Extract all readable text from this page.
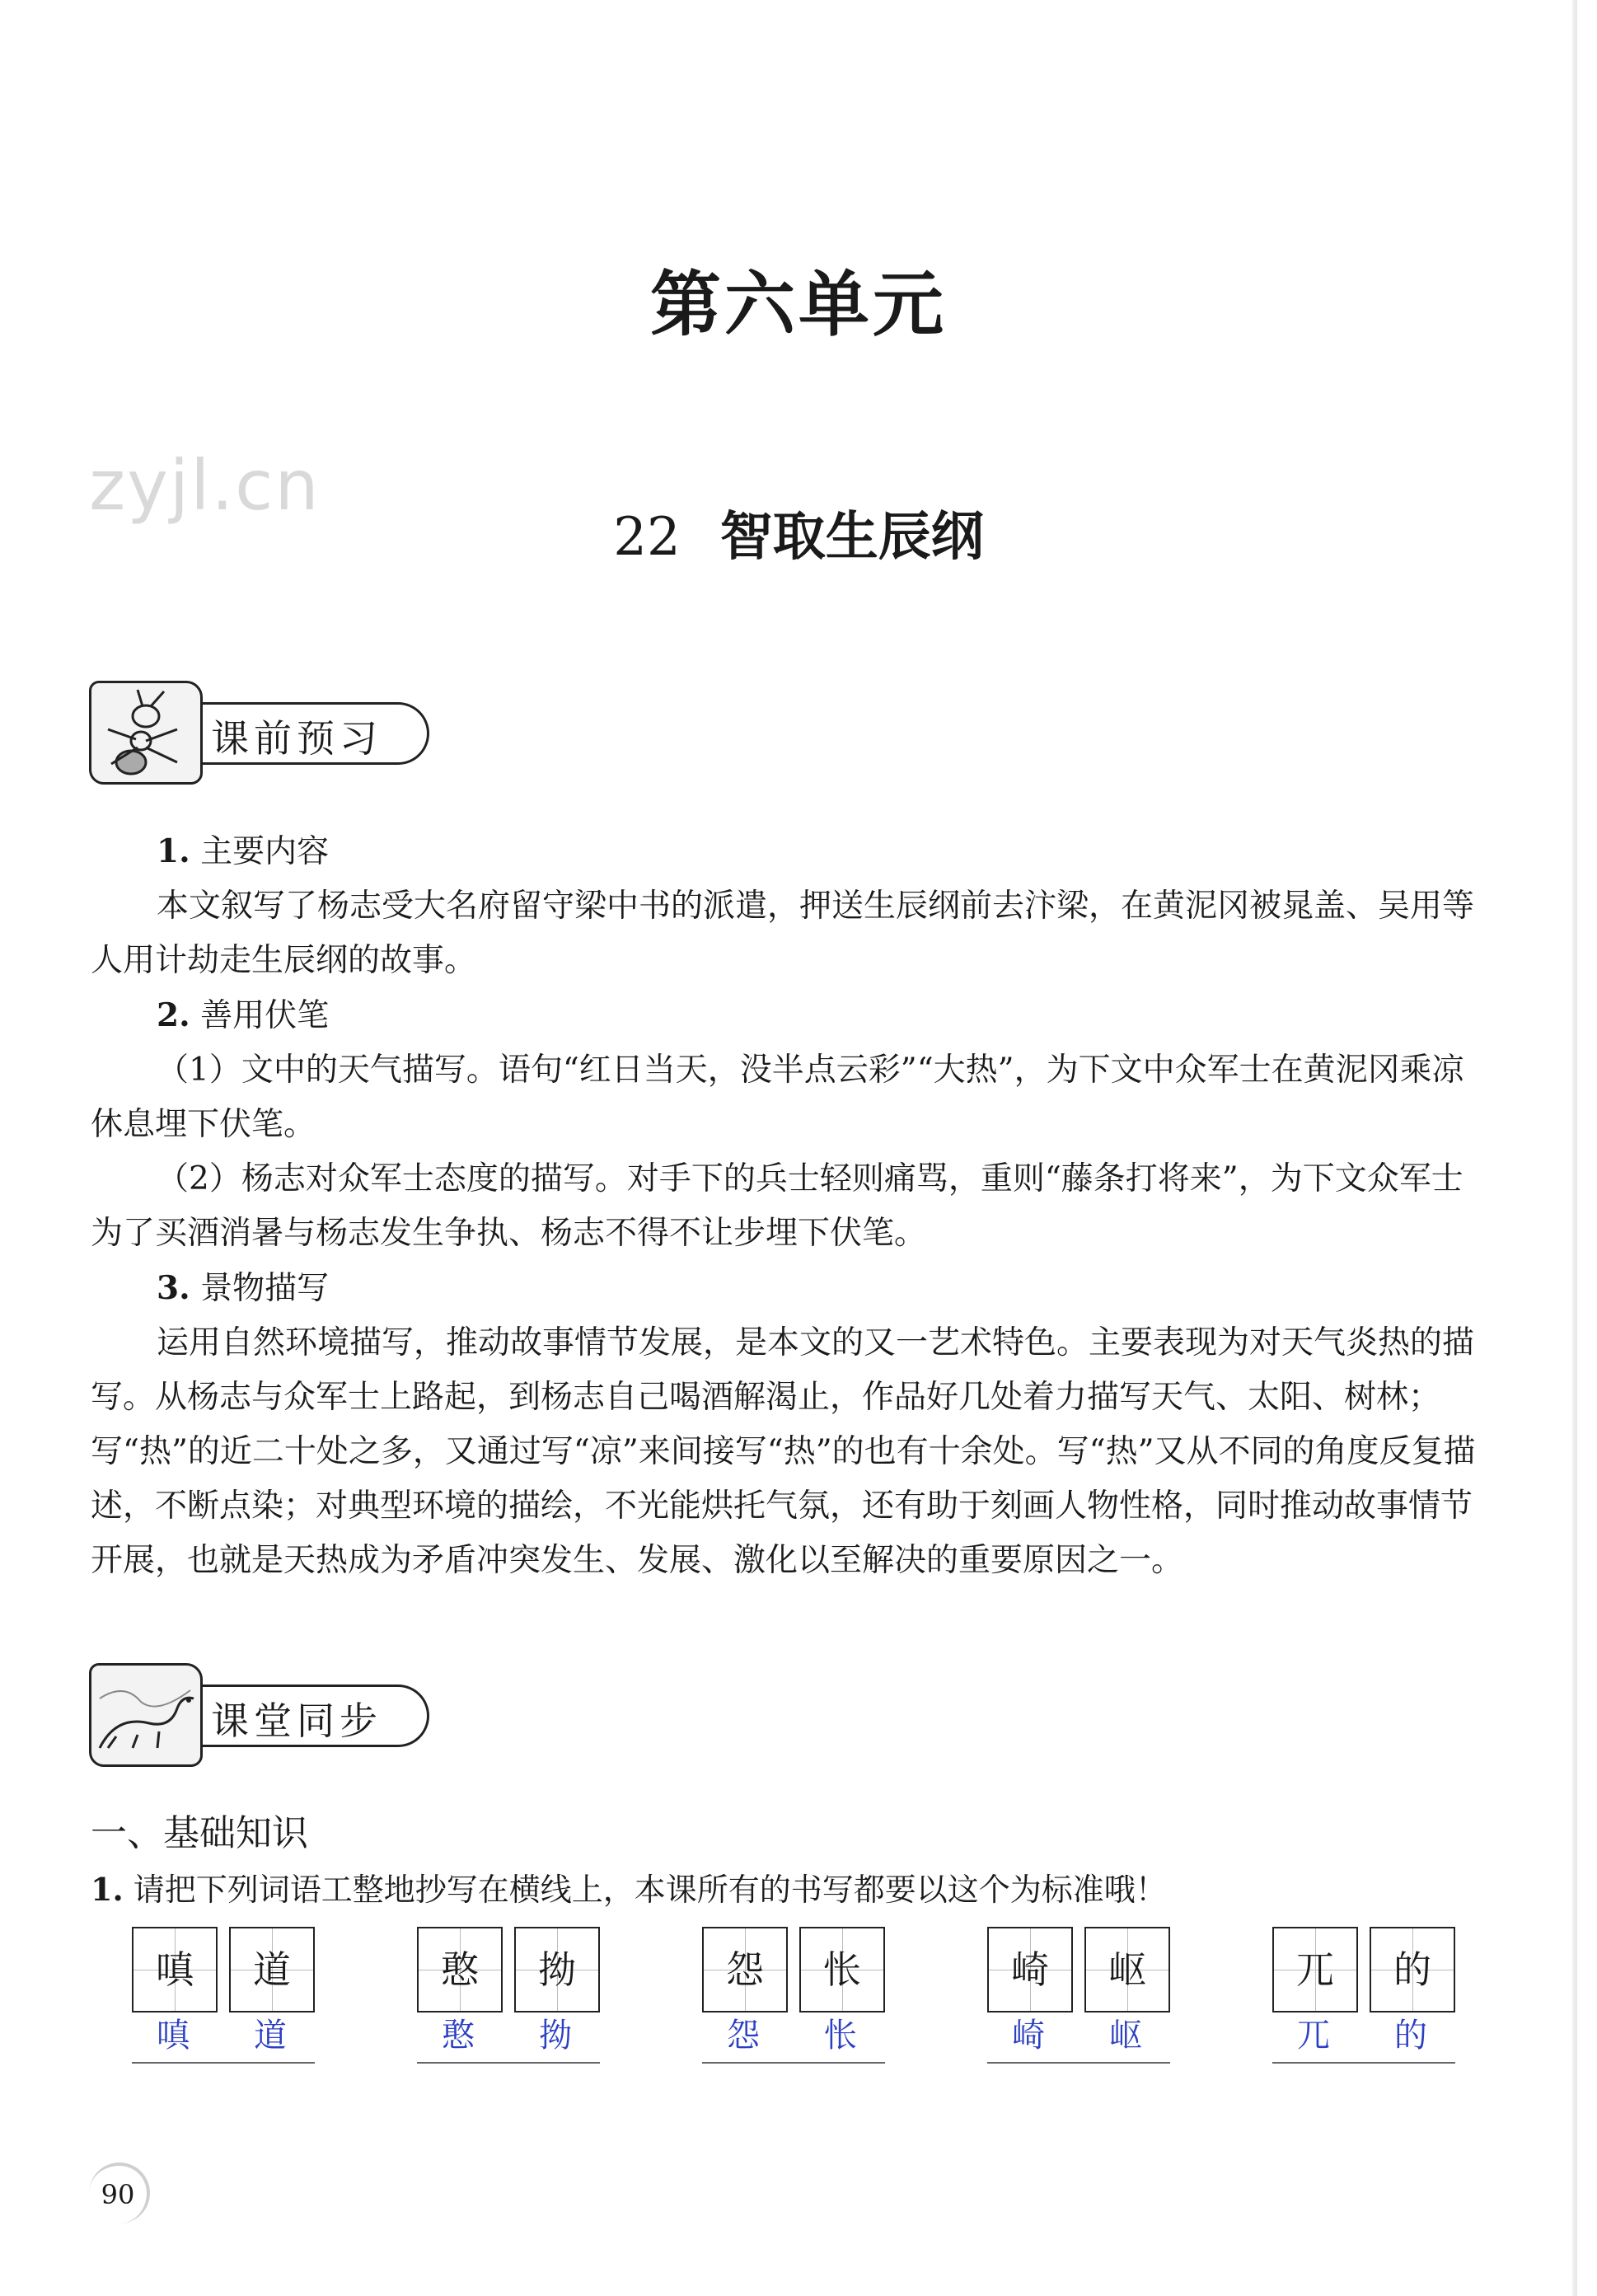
第六单元
zyjl.cn
22 智取生辰纲
课前预习

1. 主要内容

本文叙写了杨志受大名府留守梁中书的派遣，押送生辰纲前去汴梁，在黄泥冈被晁盖、吴用等人用计劫走生辰纲的故事。

2. 善用伏笔

（1）文中的天气描写。语句“红日当天，没半点云彩”“大热”，为下文中众军士在黄泥冈乘凉休息埋下伏笔。

（2）杨志对众军士态度的描写。对手下的兵士轻则痛骂，重则“藤条打将来”，为下文众军士为了买酒消暑与杨志发生争执、杨志不得不让步埋下伏笔。

3. 景物描写

运用自然环境描写，推动故事情节发展，是本文的又一艺术特色。主要表现为对天气炎热的描写。从杨志与众军士上路起，到杨志自己喝酒解渴止，作品好几处着力描写天气、太阳、树林；写“热”的近二十处之多，又通过写“凉”来间接写“热”的也有十余处。写“热”又从不同的角度反复描述，不断点染；对典型环境的描绘，不光能烘托气氛，还有助于刻画人物性格，同时推动故事情节开展，也就是天热成为矛盾冲突发生、发展、激化以至解决的重要原因之一。

课堂同步
一、基础知识
1. 请把下列词语工整地抄写在横线上，本课所有的书写都要以这个为标准哦！
嗔	道
嗔	道
憨	拗
憨	拗
怨	怅
怨	怅
崎	岖
崎	岖
兀	的
兀	的
90
